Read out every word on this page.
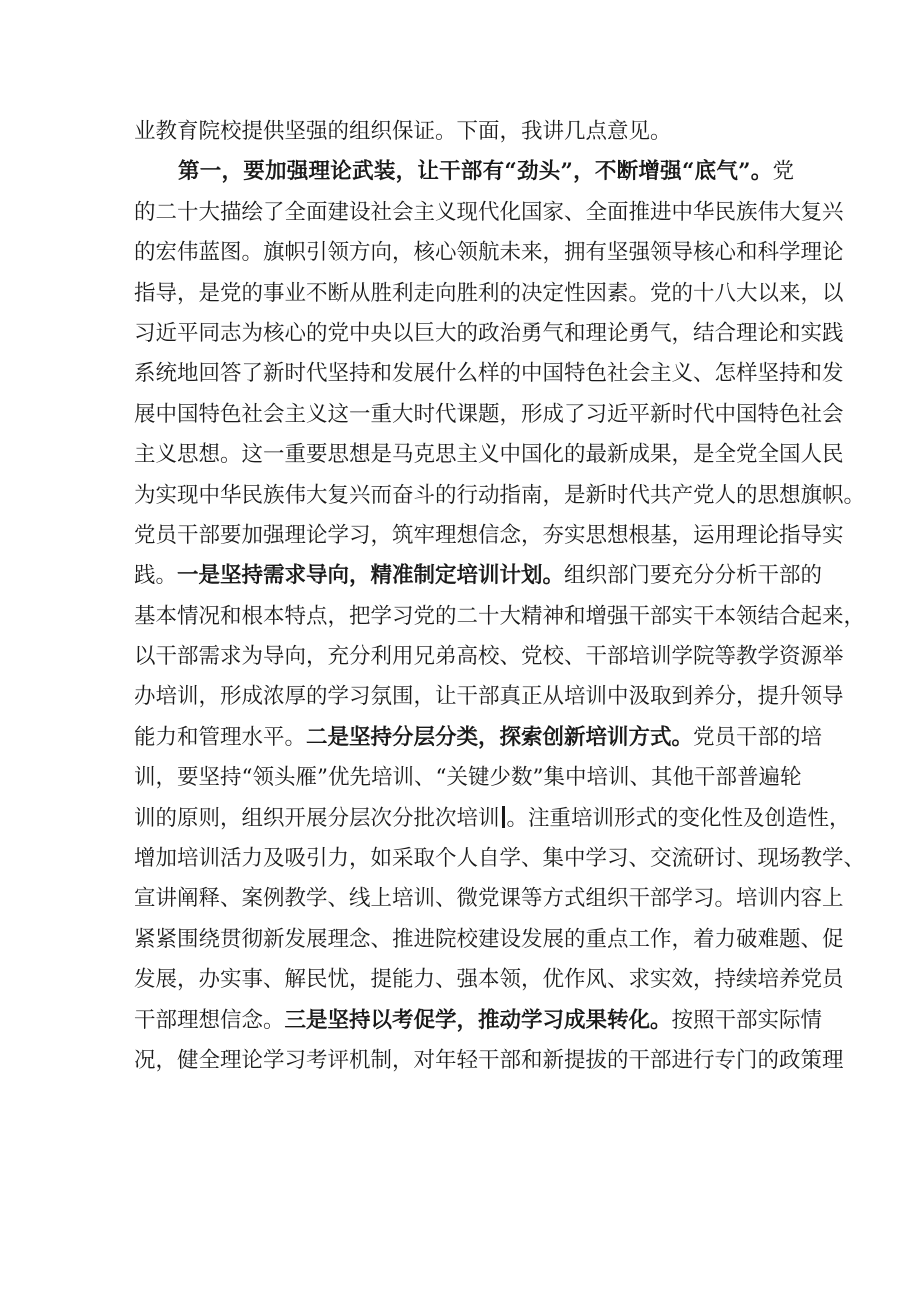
业教育院校提供坚强的组织保证。下面，我讲几点意见。
第一，要加强理论武装，让干部有“劲头”，不断增强“底气”。党
的二十大描绘了全面建设社会主义现代化国家、全面推进中华民族伟大复兴
的宏伟蓝图。旗帜引领方向，核心领航未来，拥有坚强领导核心和科学理论
指导，是党的事业不断从胜利走向胜利的决定性因素。党的十八大以来，以
习近平同志为核心的党中央以巨大的政治勇气和理论勇气，结合理论和实践
系统地回答了新时代坚持和发展什么样的中国特色社会主义、怎样坚持和发
展中国特色社会主义这一重大时代课题，形成了习近平新时代中国特色社会
主义思想。这一重要思想是马克思主义中国化的最新成果，是全党全国人民
为实现中华民族伟大复兴而奋斗的行动指南，是新时代共产党人的思想旗帜。
党员干部要加强理论学习，筑牢理想信念，夯实思想根基，运用理论指导实
践。一是坚持需求导向，精准制定培训计划。组织部门要充分分析干部的
基本情况和根本特点，把学习党的二十大精神和增强干部实干本领结合起来，
以干部需求为导向，充分利用兄弟高校、党校、干部培训学院等教学资源举
办培训，形成浓厚的学习氛围，让干部真正从培训中汲取到养分，提升领导
能力和管理水平。二是坚持分层分类，探索创新培训方式。党员干部的培
训，要坚持“领头雁”优先培训、“关键少数”集中培训、其他干部普遍轮
训的原则，组织开展分层次分批次培训 。注重培训形式的变化性及创造性，
增加培训活力及吸引力，如采取个人自学、集中学习、交流研讨、现场教学、
宣讲阐释、案例教学、线上培训、微党课等方式组织干部学习。培训内容上
紧紧围绕贯彻新发展理念、推进院校建设发展的重点工作，着力破难题、促
发展，办实事、解民忧，提能力、强本领，优作风、求实效，持续培养党员
干部理想信念。三是坚持以考促学，推动学习成果转化。按照干部实际情
况，健全理论学习考评机制，对年轻干部和新提拔的干部进行专门的政策理
